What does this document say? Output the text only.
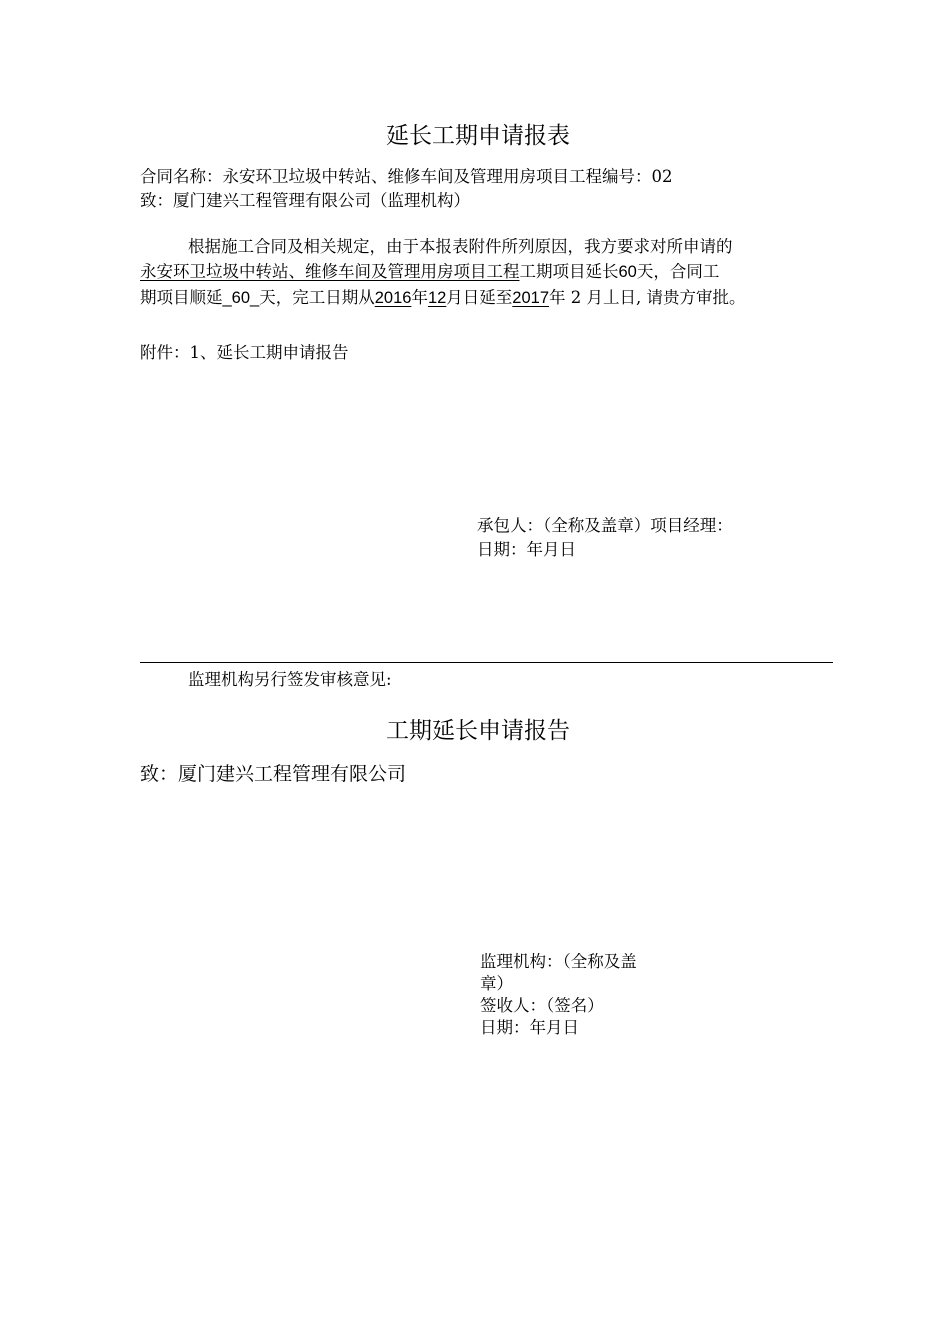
延长工期申请报表
合同名称：永安环卫垃圾中转站、维修车间及管理用房项目工程编号：02
致：厦门建兴工程管理有限公司（监理机构）
根据施工合同及相关规定，由于本报表附件所列原因，我方要求对所申请的
永安环卫垃圾中转站、维修车间及管理用房项目工程工期项目延长60天，合同工
期项目顺延_60_天，完工日期从2016年12月日延至2017年 2 月丄日, 请贵方审批。
附件：1、延长工期申请报告
承包人：（全称及盖章）项目经理：
日期：年月日
监理机构另行签发审核意见:
工期延长申请报告
致：厦门建兴工程管理有限公司
监理机构：（全称及盖
章）
签收人：（签名）
日期：年月日
